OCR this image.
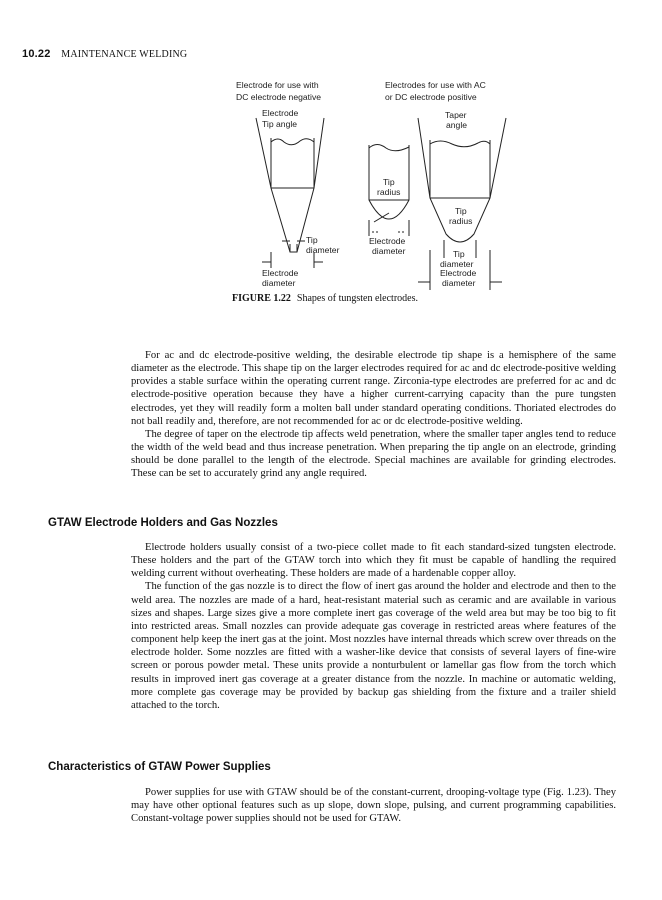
10.22 MAINTENANCE WELDING
Electrode for use with
DC electrode negative
Electrodes for use with AC
or DC electrode positive
Electrode
Tip angle
Tip
diameter
Electrode
diameter
Tip
radius
Electrode
diameter
Taper
angle
Tip
radius
Tip
diameter
Electrode
diameter
FIGURE 1.22 Shapes of tungsten electrodes.

For ac and dc electrode-positive welding, the desirable electrode tip shape is a hemisphere of the same diameter as the electrode. This shape tip on the larger electrodes required for ac and dc electrode-positive welding provides a stable surface within the operating current range. Zirconia-type electrodes are preferred for ac and dc electrode-positive operation because they have a higher current-carrying capacity than the pure tungsten electrodes, yet they will readily form a molten ball under standard operating conditions. Thoriated electrodes do not ball readily and, therefore, are not recommended for ac or dc electrode-positive welding.

The degree of taper on the electrode tip affects weld penetration, where the smaller taper angles tend to reduce the width of the weld bead and thus increase penetration. When preparing the tip angle on an electrode, grinding should be done parallel to the length of the electrode. Special machines are available for grinding electrodes. These can be set to accurately grind any angle required.

GTAW Electrode Holders and Gas Nozzles

Electrode holders usually consist of a two-piece collet made to fit each standard-sized tungsten electrode. These holders and the part of the GTAW torch into which they fit must be capable of handling the required welding current without overheating. These holders are made of a hardenable copper alloy.

The function of the gas nozzle is to direct the flow of inert gas around the holder and electrode and then to the weld area. The nozzles are made of a hard, heat-resistant material such as ceramic and are available in various sizes and shapes. Large sizes give a more complete inert gas coverage of the weld area but may be too big to fit into restricted areas. Small nozzles can provide adequate gas coverage in restricted areas where features of the component help keep the inert gas at the joint. Most nozzles have internal threads which screw over threads on the electrode holder. Some nozzles are fitted with a washer-like device that consists of several layers of fine-wire screen or porous powder metal. These units provide a nonturbulent or lamellar gas flow from the torch which results in improved inert gas coverage at a greater distance from the nozzle. In machine or automatic welding, more complete gas coverage may be provided by backup gas shielding from the fixture and a trailer shield attached to the torch.

Characteristics of GTAW Power Supplies

Power supplies for use with GTAW should be of the constant-current, drooping-voltage type (Fig. 1.23). They may have other optional features such as up slope, down slope, pulsing, and current programming capabilities. Constant-voltage power supplies should not be used for GTAW.
